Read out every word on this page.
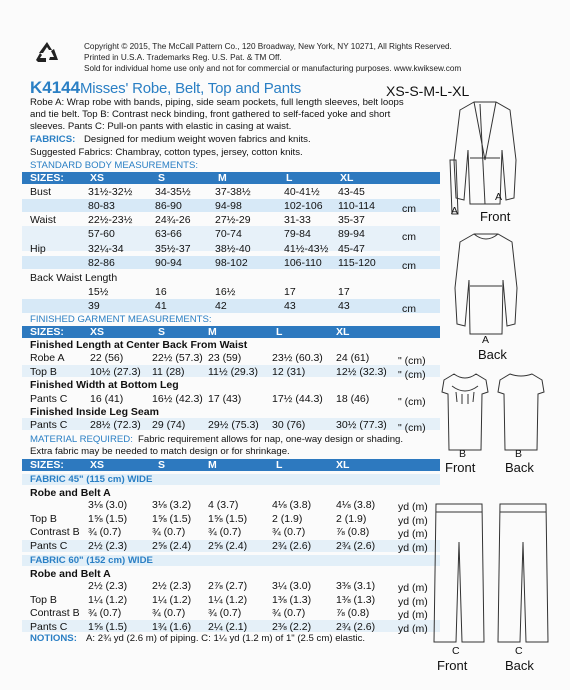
Copyright © 2015, The McCall Pattern Co., 120 Broadway, New York, NY 10271, All Rights Reserved.
Printed in U.S.A. Trademarks Reg. U.S. Pat. & TM Off.
Sold for individual home use only and not for commercial or manufacturing purposes. www.kwiksew.com
K4144 Misses' Robe, Belt, Top and Pants	XS-S-M-L-XL
Robe A: Wrap robe with bands, piping, side seam pockets, full length sleeves, belt loops
and tie belt. Top B: Contrast neck binding, front gathered to self-faced yoke and short
sleeves. Pants C: Pull-on pants with elastic in casing at waist.
FABRICS: Designed for medium weight woven fabrics and knits.
Suggested Fabrics: Chambray, cotton types, jersey, cotton knits.
STANDARD BODY MEASUREMENTS:
SIZES: XS	S	M	L	XL
Bust	31½-32½ 34-35½ 37-38½	40-41½ 43-45
80-83	86-90	94-98	102-106 110-114	cm
Waist	22½-23½ 24¾-26 27½-29	31-33	35-37
57-60	63-66	70-74	79-84	89-94	cm
Hip	32¼-34	35½-37 38½-40	41½-43½ 45-47
82-86	90-94	98-102	106-110 115-120 cm
Back Waist Length
15½	16	16½	17	17
39	41	42	43	43	cm
FINISHED GARMENT MEASUREMENTS:
SIZES: XS	S	M	L	XL
Finished Length at Center Back From Waist
Robe A 22 (56)	22½ (57.3) 23 (59)	23½ (60.3) 24 (61)	" (cm)
Top B	10½ (27.3) 11 (28) 11½ (29.3) 12 (31)	12½ (32.3) " (cm)
Finished Width at Bottom Leg
Pants C 16 (41)	16½ (42.3) 17 (43)	17½ (44.3) 18 (46)	" (cm)
Finished Inside Leg Seam
Pants C 28½ (72.3) 29 (74) 29½ (75.3) 30 (76)	30½ (77.3) " (cm)
MATERIAL REQUIRED: Fabric requirement allows for nap, one-way design or shading.
Extra fabric may be needed to match design or for shrinkage.
SIZES: XS	S	M	L	XL
FABRIC 45" (115 cm) WIDE
Robe and Belt A
3⅛ (3.0) 3⅛ (3.2) 4 (3.7)	4⅛ (3.8) 4⅛ (3.8) yd (m)
Top B	1⅝ (1.5) 1⅝ (1.5) 1⅝ (1.5) 2 (1.9)	2 (1.9)	yd (m)
Contrast B ¾ (0.7)	¾ (0.7) ¾ (0.7)	¾ (0.7)	⅞ (0.8)	yd (m)
Pants C 2½ (2.3) 2⅝ (2.4) 2⅝ (2.4) 2¾ (2.6) 2¾ (2.6) yd (m)
FABRIC 60" (152 cm) WIDE
Robe and Belt A
2½ (2.3) 2½ (2.3) 2⅞ (2.7) 3¼ (3.0) 3⅜ (3.1) yd (m)
Top B	1¼ (1.2) 1¼ (1.2) 1¼ (1.2) 1⅜ (1.3) 1⅜ (1.3) yd (m)
Contrast B ¾ (0.7)	¾ (0.7) ¾ (0.7)	¾ (0.7)	⅞ (0.8)	yd (m)
Pants C 1⅝ (1.5) 1¾ (1.6) 2¼ (2.1) 2⅜ (2.2) 2¾ (2.6) yd (m)
NOTIONS: A: 2¾ yd (2.6 m) of piping. C: 1¼ yd (1.2 m) of 1" (2.5 cm) elastic.
A
A
Front
A
Back
B
Front
B
Back
C
Front
C
Back
